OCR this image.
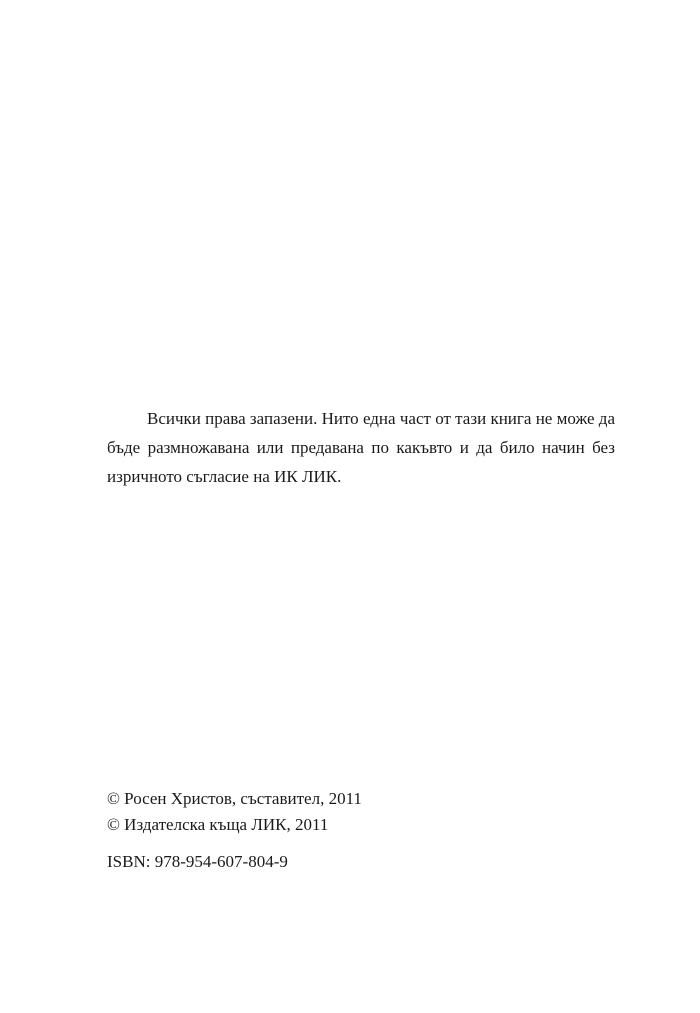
Всички права запазени. Нито една част от тази книга не може да бъде размножавана или предавана по какъвто и да било начин без изричното съгласие на ИК ЛИК.

© Росен Христов, съставител, 2011
© Издателска къща ЛИК, 2011
ISBN: 978-954-607-804-9
